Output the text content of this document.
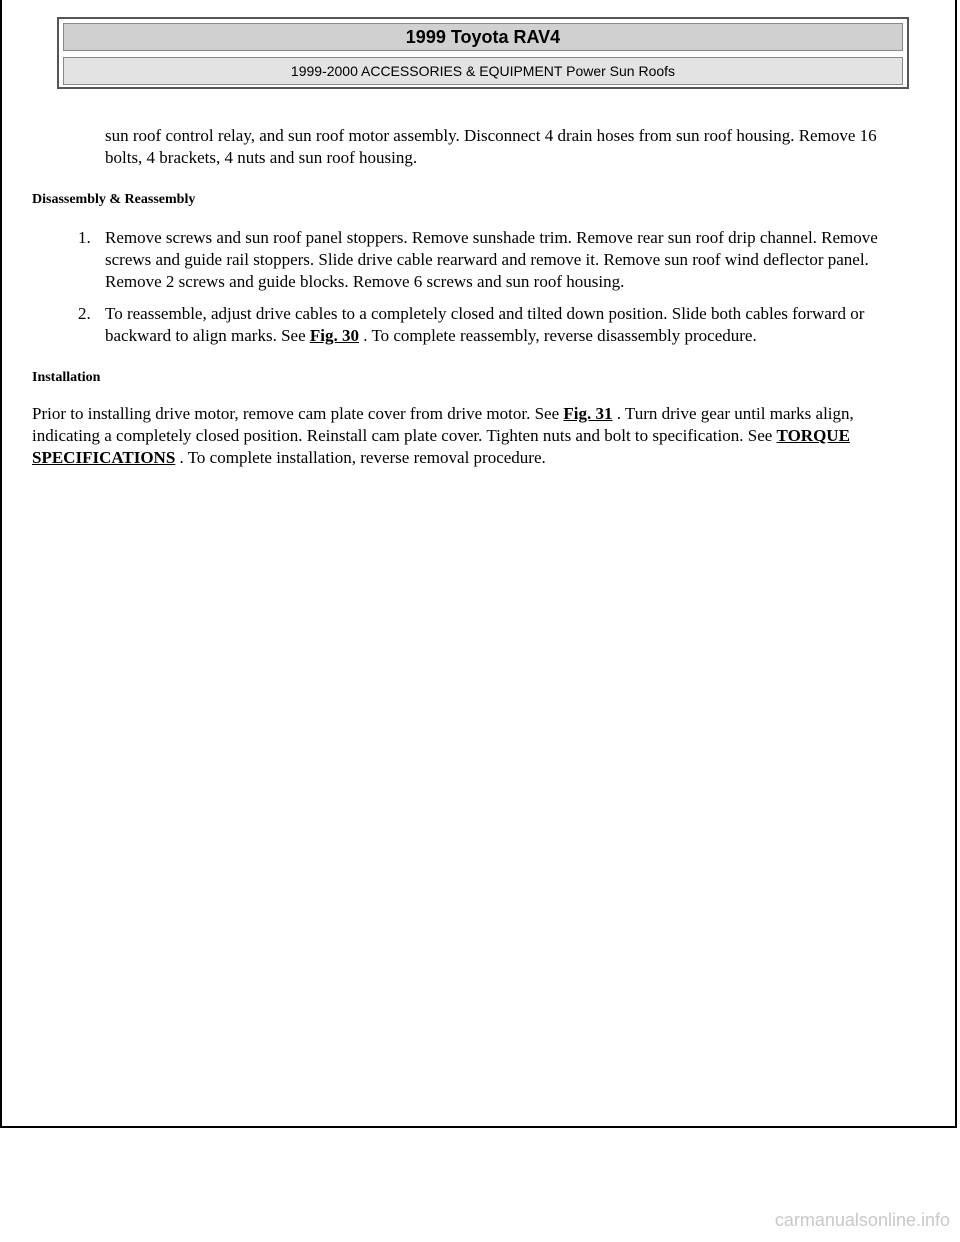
1999 Toyota RAV4
1999-2000 ACCESSORIES & EQUIPMENT Power Sun Roofs

sun roof control relay, and sun roof motor assembly. Disconnect 4 drain hoses from sun roof housing. Remove 16 bolts, 4 brackets, 4 nuts and sun roof housing.

Disassembly & Reassembly
1. Remove screws and sun roof panel stoppers. Remove sunshade trim. Remove rear sun roof drip channel. Remove screws and guide rail stoppers. Slide drive cable rearward and remove it. Remove sun roof wind deflector panel. Remove 2 screws and guide blocks. Remove 6 screws and sun roof housing.
2. To reassemble, adjust drive cables to a completely closed and tilted down position. Slide both cables forward or backward to align marks. See Fig. 30 . To complete reassembly, reverse disassembly procedure.
Installation

Prior to installing drive motor, remove cam plate cover from drive motor. See Fig. 31 . Turn drive gear until marks align, indicating a completely closed position. Reinstall cam plate cover. Tighten nuts and bolt to specification. See TORQUE SPECIFICATIONS . To complete installation, reverse removal procedure.

carmanualsonline.info
